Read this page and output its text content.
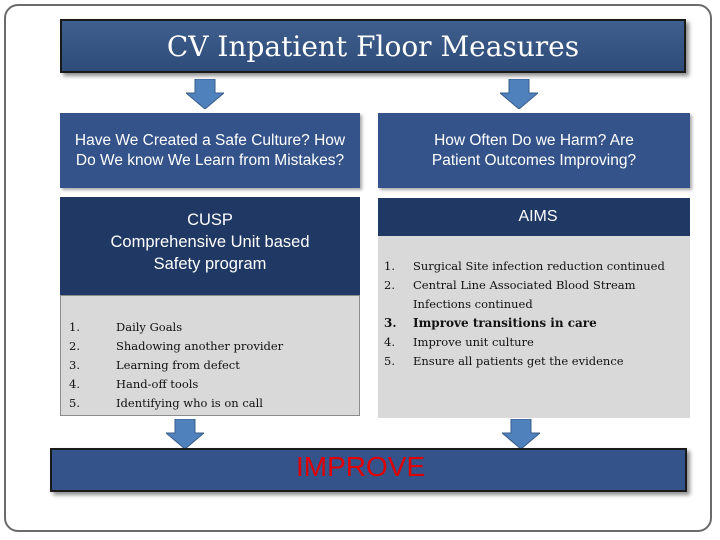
CV Inpatient Floor Measures
Have We Created a Safe Culture? How Do We know We Learn from Mistakes?
How Often Do we Harm? Are Patient Outcomes Improving?
CUSP
Comprehensive Unit based
Safety program
1.	Daily Goals
2.	Shadowing another provider
3.	Learning from defect
4.	Hand-off tools
5.	Identifying who is on call
AIMS
1. Surgical Site infection reduction continued
2. Central Line Associated Blood Stream Infections continued
3. Improve transitions in care
4. Improve unit culture
5. Ensure all patients get the evidence
IMPROVE
